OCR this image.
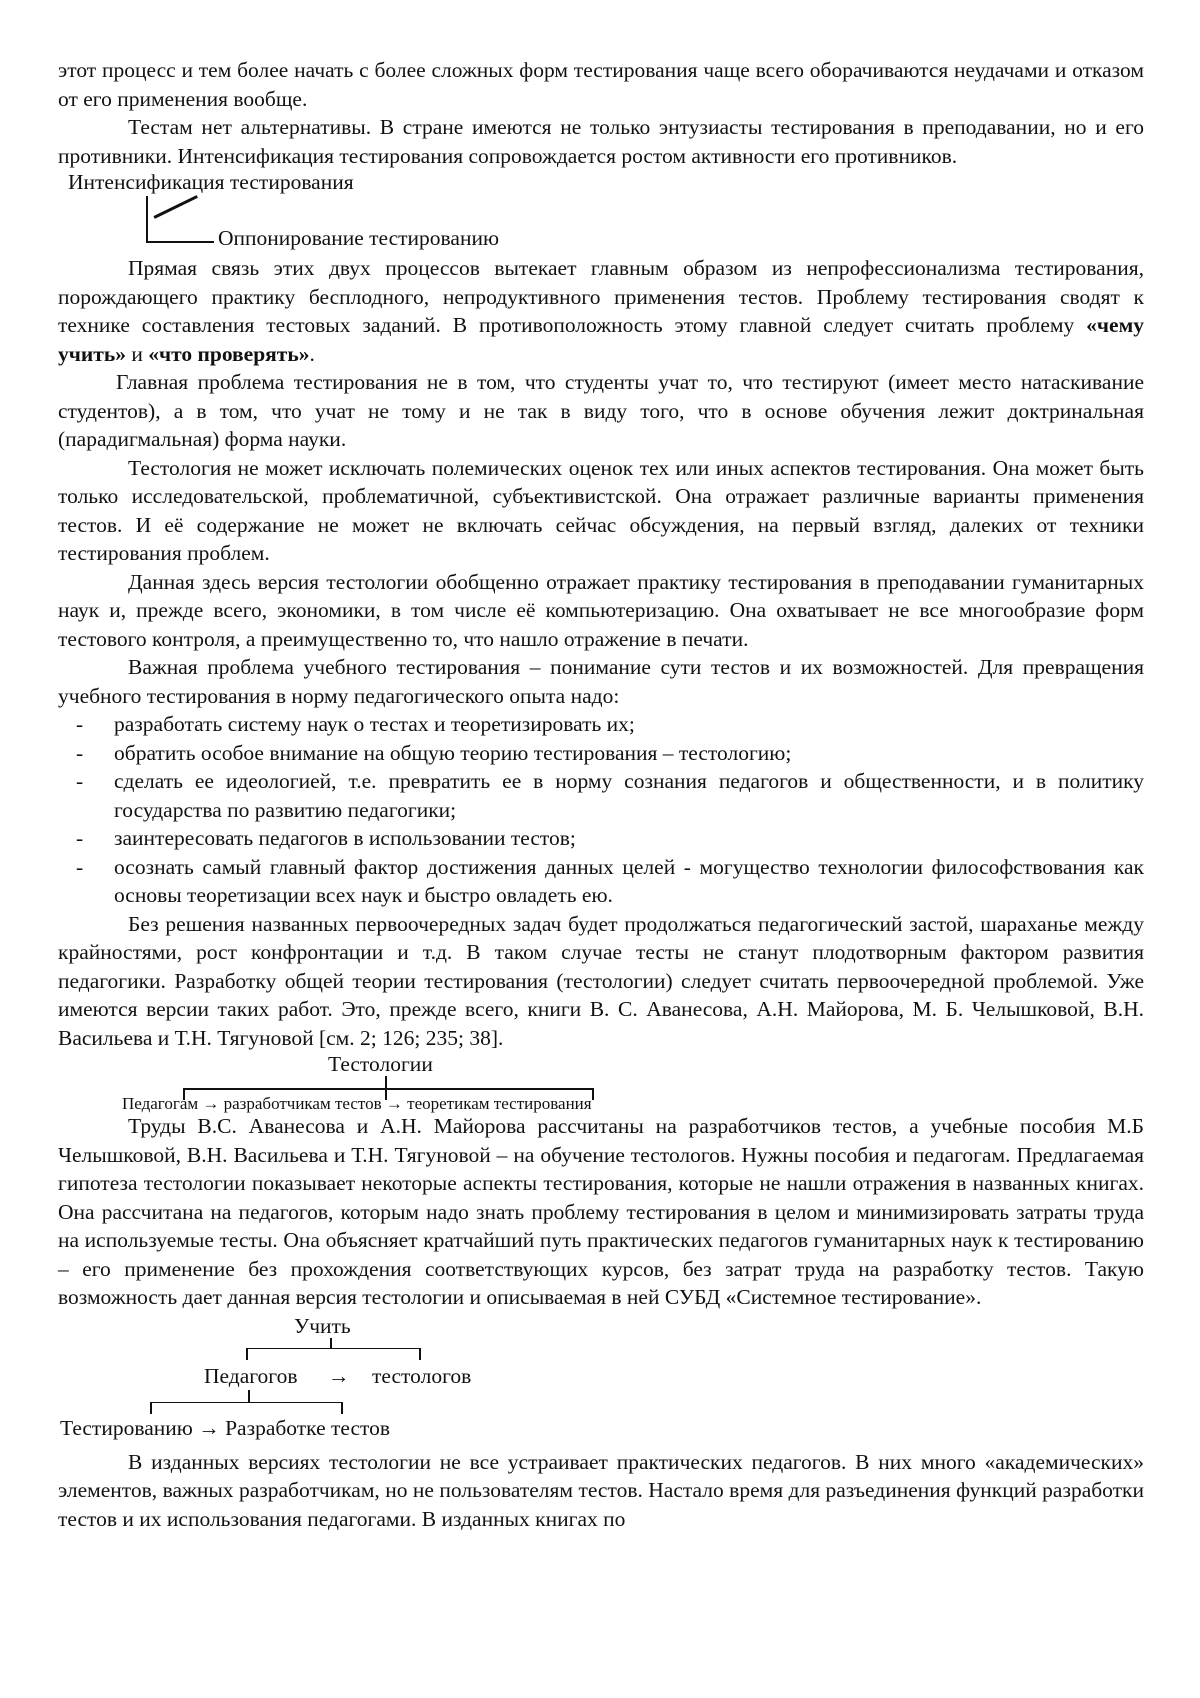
этот процесс и тем более начать с более сложных форм тестирования чаще всего оборачиваются неудачами и отказом от его применения вообще.

Тестам нет альтернативы. В стране имеются не только энтузиасты тестирования в преподавании, но и его противники. Интенсификация тестирования сопровождается ростом активности его противников.

Интенсификация тестирования
Оппонирование тестированию

Прямая связь этих двух процессов вытекает главным образом из непрофессионализма тестирования, порождающего практику бесплодного, непродуктивного применения тестов. Проблему тестирования сводят к технике составления тестовых заданий. В противоположность этому главной следует считать проблему «чему учить» и «что проверять».

Главная проблема тестирования не в том, что студенты учат то, что тестируют (имеет место натаскивание студентов), а в том, что учат не тому и не так в виду того, что в основе обучения лежит доктринальная (парадигмальная) форма науки.

Тестология не может исключать полемических оценок тех или иных аспектов тестирования. Она может быть только исследовательской, проблематичной, субъективистской. Она отражает различные варианты применения тестов. И её содержание не может не включать сейчас обсуждения, на первый взгляд, далеких от техники тестирования проблем.

Данная здесь версия тестологии обобщенно отражает практику тестирования в преподавании гуманитарных наук и, прежде всего, экономики, в том числе её компьютеризацию. Она охватывает не все многообразие форм тестового контроля, а преимущественно то, что нашло отражение в печати.

Важная проблема учебного тестирования – понимание сути тестов и их возможностей. Для превращения учебного тестирования в норму педагогического опыта надо:

- разработать систему наук о тестах и теоретизировать их;
- обратить особое внимание на общую теорию тестирования – тестологию;
- сделать ее идеологией, т.е. превратить ее в норму сознания педагогов и общественности, и в политику государства по развитию педагогики;
- заинтересовать педагогов в использовании тестов;
- осознать самый главный фактор достижения данных целей - могущество технологии философствования как основы теоретизации всех наук и быстро овладеть ею.

Без решения названных первоочередных задач будет продолжаться педагогический застой, шараханье между крайностями, рост конфронтации и т.д. В таком случае тесты не станут плодотворным фактором развития педагогики. Разработку общей теории тестирования (тестологии) следует считать первоочередной проблемой. Уже имеются версии таких работ. Это, прежде всего, книги В. С. Аванесова, А.Н. Майорова, М. Б. Челышковой, В.Н. Васильева и Т.Н. Тягуновой [см. 2; 126; 235; 38].

Тестологии
Педагогам → разработчикам тестов → теоретикам тестирования

Труды В.С. Аванесова и А.Н. Майорова рассчитаны на разработчиков тестов, а учебные пособия М.Б Челышковой, В.Н. Васильева и Т.Н. Тягуновой – на обучение тестологов. Нужны пособия и педагогам. Предлагаемая гипотеза тестологии показывает некоторые аспекты тестирования, которые не нашли отражения в названных книгах. Она рассчитана на педагогов, которым надо знать проблему тестирования в целом и минимизировать затраты труда на используемые тесты. Она объясняет кратчайший путь практических педагогов гуманитарных наук к тестированию – его применение без прохождения соответствующих курсов, без затрат труда на разработку тестов. Такую возможность дает данная версия тестологии и описываемая в ней СУБД «Системное тестирование».

Учить
Педагогов → тестологов
Тестированию → Разработке тестов

В изданных версиях тестологии не все устраивает практических педагогов. В них много «академических» элементов, важных разработчикам, но не пользователям тестов. Настало время для разъединения функций разработки тестов и их использования педагогами. В изданных книгах по
